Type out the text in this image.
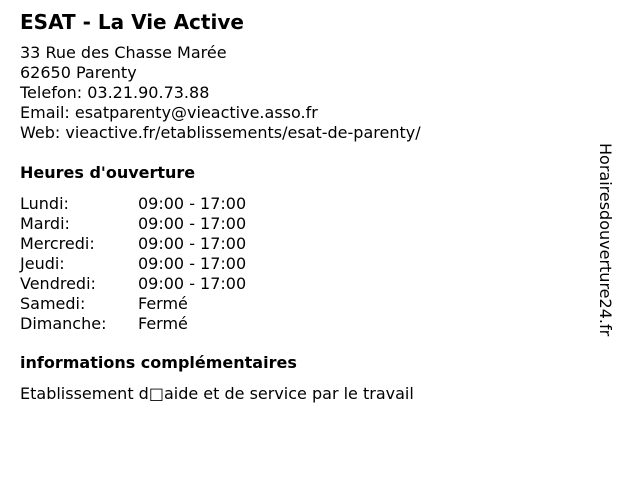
ESAT - La Vie Active
33 Rue des Chasse Marée
62650 Parenty
Telefon: 03.21.90.73.88
Email: esatparenty@vieactive.asso.fr
Web: vieactive.fr/etablissements/esat-de-parenty/
Heures d'ouverture
Lundi:	09:00 - 17:00
Mardi:	09:00 - 17:00
Mercredi:	09:00 - 17:00
Jeudi:	09:00 - 17:00
Vendredi:	09:00 - 17:00
Samedi:	Fermé
Dimanche: Fermé
informations complémentaires
Etablissement d□aide et de service par le travail
Horairesdouverture24.fr
